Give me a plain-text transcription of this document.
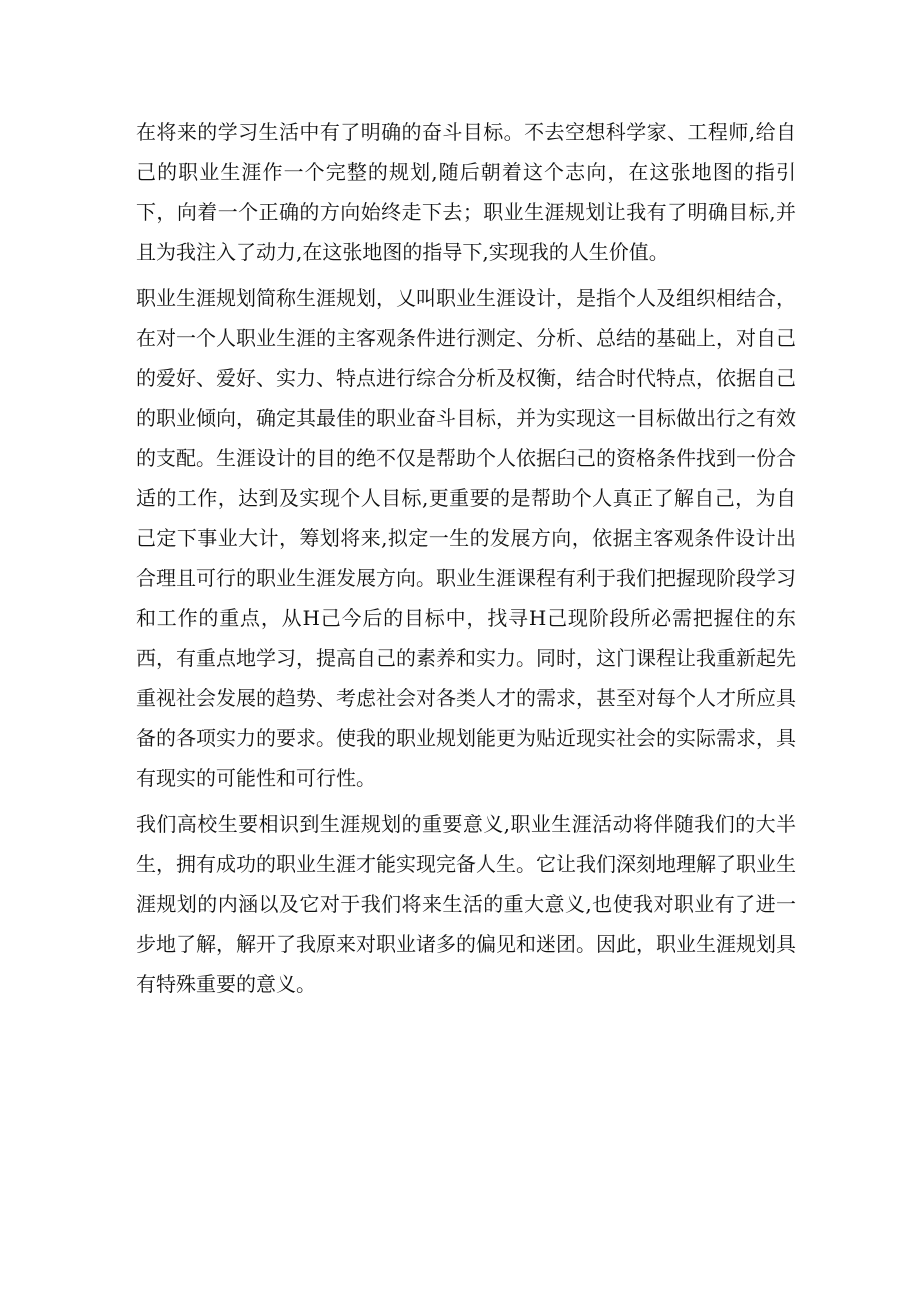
在将来的学习生活中有了明确的奋斗目标。不去空想科学家、工程师,给自己的职业生涯作一个完整的规划,随后朝着这个志向，在这张地图的指引下，向着一个正确的方向始终走下去；职业生涯规划让我有了明确目标,并且为我注入了动力,在这张地图的指导下,实现我的人生价值。

职业生涯规划简称生涯规划，乂叫职业生涯设计，是指个人及组织相结合，在对一个人职业生涯的主客观条件进行测定、分析、总结的基础上，对自己的爱好、爱好、实力、特点进行综合分析及权衡，结合时代特点，依据自己的职业倾向，确定其最佳的职业奋斗目标，并为实现这一目标做出行之有效的支配。生涯设计的目的绝不仅是帮助个人依据臼己的资格条件找到一份合适的工作，达到及实现个人目标,更重要的是帮助个人真正了解自己，为自己定下事业大计，筹划将来,拟定一生的发展方向，依据主客观条件设计出合理且可行的职业生涯发展方向。职业生涯课程有利于我们把握现阶段学习和工作的重点，从H己今后的目标中，找寻H己现阶段所必需把握住的东西，有重点地学习，提高自己的素养和实力。同时，这门课程让我重新起先重视社会发展的趋势、考虑社会对各类人才的需求，甚至对每个人才所应具备的各项实力的要求。使我的职业规划能更为贴近现实社会的实际需求，具有现实的可能性和可行性。

我们高校生要相识到生涯规划的重要意义,职业生涯活动将伴随我们的大半生，拥有成功的职业生涯才能实现完备人生。它让我们深刻地理解了职业生涯规划的内涵以及它对于我们将来生活的重大意义,也使我对职业有了进一步地了解，解开了我原来对职业诸多的偏见和迷团。因此，职业生涯规划具有特殊重要的意义。
